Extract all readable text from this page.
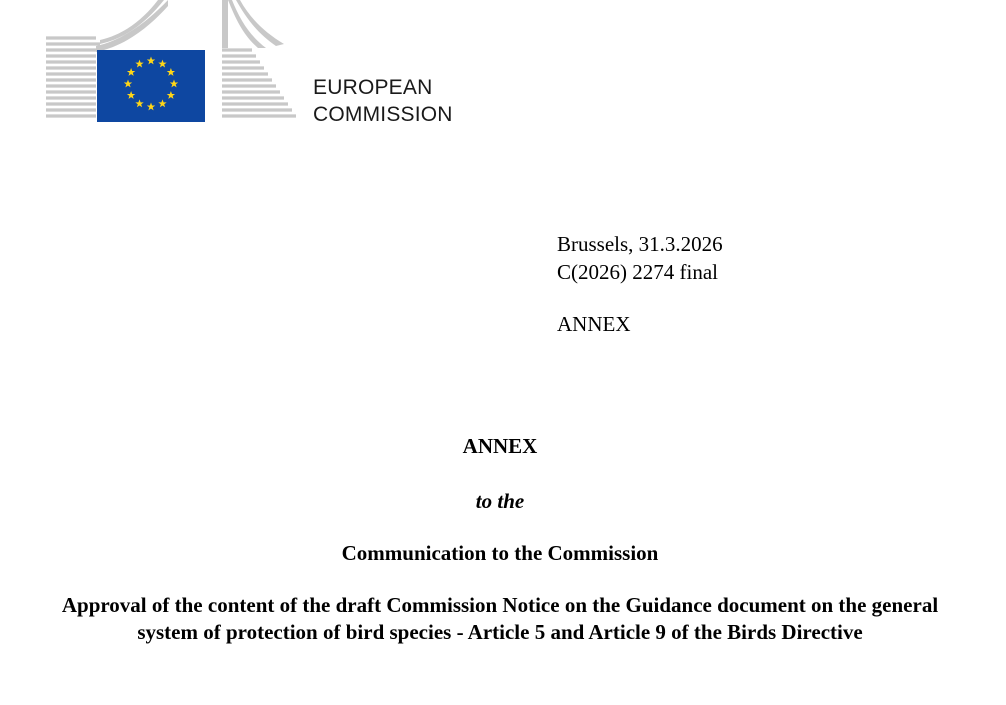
EUROPEAN
COMMISSION
Brussels, 31.3.2026
C(2026) 2274 final
ANNEX

ANNEX

to the

Communication to the Commission

Approval of the content of the draft Commission Notice on the Guidance document on the general system of protection of bird species - Article 5 and Article 9 of the Birds Directive
